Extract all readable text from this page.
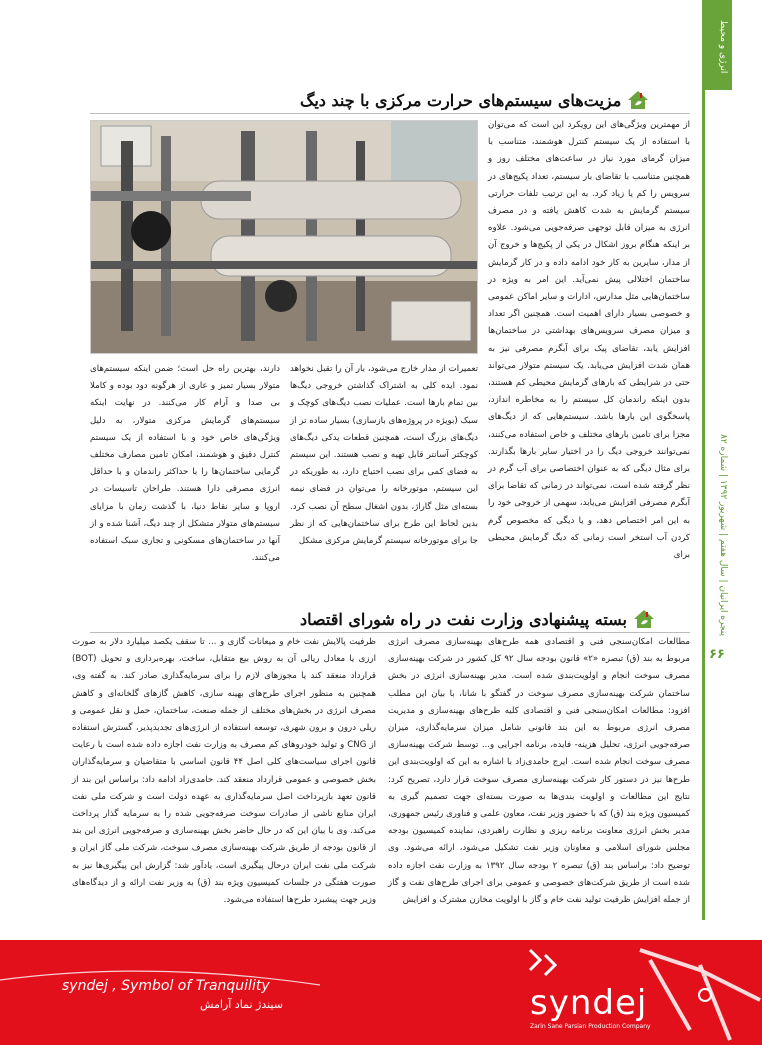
انرژی و محیط
پنجره ایرانیان | سال هفتم | شهریور ۱۳۹۲ | شماره ۸۲
۶۶
مزیت‌های سیستم‌های حرارت مرکزی با چند دیگ
از مهمترین ویژگی‌های این رویکرد این است که می‌توان با استفاده از یک سیستم کنترل هوشمند، متناسب با میزان گرمای مورد نیاز در ساعت‌های مختلف روز و همچنین متناسب با تقاضای بار سیستم، تعداد پکیج‌های در سرویس را کم یا زیاد کرد. به این ترتیب تلفات حرارتی سیستم گرمایش به شدت کاهش یافته و در مصرف انرژی به میزان قابل توجهی صرفه‌جویی می‌شود. علاوه بر اینکه هنگام بروز اشکال در یکی از پکیج‌ها و خروج آن از مدار، سایرین به کار خود ادامه داده و در کار گرمایش ساختمان اختلالی پیش نمی‌آید. این امر به ویژه در ساختمان‌هایی مثل مدارس، ادارات و سایر اماکن عمومی و خصوصی بسیار دارای اهمیت است. همچنین اگر تعداد و میزان مصرف سرویس‌های بهداشتی در ساختمان‌ها افزایش یابد، تقاضای پیک برای آبگرم مصرفی نیز به همان شدت افزایش می‌یابد. یک سیستم متولار می‌تواند حتی در شرایطی که بارهای گرمایش محیطی کم هستند، بدون اینکه راندمان کل سیستم را به مخاطره اندازد، پاسخگوی این بارها باشد. سیستم‌هایی که از دیگ‌های مجزا برای تامین بارهای مختلف و خاص استفاده می‌کنند، نمی‌توانند خروجی دیگ را در اختیار سایر بارها بگذارند. برای مثال دیگی که به عنوان اختصاصی برای آب گرم در نظر گرفته شده است، نمی‌تواند در زمانی که تقاضا برای آبگرم مصرفی افزایش می‌یابد، سهمی از خروجی خود را به این امر اختصاص دهد، و یا دیگی که مخصوص گرم کردن آب استخر است زمانی که دیگ گرمایش محیطی برای
تعمیرات از مدار خارج می‌شود، بار آن را تقبل نخواهد نمود. ایده کلی به اشتراک گذاشتن خروجی دیگ‌ها بین تمام بارها است. عملیات نصب دیگ‌های کوچک و سبک (بویژه در پروژه‌های بازسازی) بسیار ساده تر از دیگ‌های بزرگ است، همچنین قطعات یدکی دیگ‌های کوچکتر آسانتر قابل تهیه و نصب هستند. این سیستم به فضای کمی برای نصب احتیاج دارد، به طوریکه در این سیستم، موتورخانه را می‌توان در فضای نیمه بسته‌ای مثل گاراژ، بدون اشغال سطح آن نصب کرد. بدین لحاظ این طرح برای ساختمان‌هایی که از نظر جا برای موتورخانه سیستم گرمایش مرکزی مشکل
دارند، بهترین راه حل است؛ ضمن اینکه سیستم‌های متولار بسیار تمیز و عاری از هرگونه دود بوده و کاملا بی صدا و آرام کار می‌کنند. در نهایت اینکه سیستم‌های گرمایش مرکزی متولار، به دلیل ویژگی‌های خاص خود و با استفاده از یک سیستم کنترل دقیق و هوشمند، امکان تامین مصارف مختلف گرمایی ساختمان‌ها را با حداکثر راندمان و با حداقل انرژی مصرفی دارا هستند. طراحان تاسیسات در اروپا و سایر نقاط دنیا، با گذشت زمان با مزایای سیستم‌های متولار متشکل از چند دیگ، آشنا شده و از آنها در ساختمان‌های مسکونی و تجاری سبک استفاده می‌کنند.
بسته پیشنهادی وزارت نفت در راه شورای اقتصاد
مطالعات امکان‌سنجی فنی و اقتصادی همه طرح‌های بهینه‌سازی مصرف انرژی مربوط به بند (ق) تبصره «۲» قانون بودجه سال ۹۲ کل کشور در شرکت بهینه‌سازی مصرف سوخت انجام و اولویت‌بندی شده است. مدیر بهینه‌سازی انرژی در بخش ساختمان شرکت بهینه‌سازی مصرف سوخت در گفتگو با شانا، با بیان این مطلب افزود: مطالعات امکان‌سنجی فنی و اقتصادی کلیه طرح‌های بهینه‌سازی و مدیریت مصرف انرژی مربوط به این بند قانونی شامل میزان سرمایه‌گذاری، میزان صرفه‌جویی انرژی، تحلیل هزینه- فایده، برنامه اجرایی و... توسط شرکت بهینه‌سازی مصرف سوخت انجام شده است. ایرج حامدی‌زاد با اشاره به این که اولویت‌بندی این طرح‌ها نیز در دستور کار شرکت بهینه‌سازی مصرف سوخت قرار دارد، تصریح کرد: نتایج این مطالعات و اولویت بندی‌ها به صورت بسته‌ای جهت تصمیم گیری به کمیسیون ویژه بند (ق) که با حضور وزیر نفت، معاون علمی و فناوری رئیس جمهوری، مدیر بخش انرژی معاونت برنامه ریزی و نظارت راهبردی، نماینده کمیسیون بودجه مجلس شورای اسلامی و معاونان وزیر نفت تشکیل می‌شود، ارائه می‌شود. وی توضیح داد: براساس بند (ق) تبصره ۲ بودجه سال ۱۳۹۲ به وزارت نفت اجازه داده شده است از طریق شرکت‌های خصوصی و عمومی برای اجرای طرح‌های نفت و گاز از جمله افزایش ظرفیت تولید نفت خام و گاز با اولویت مخازن مشترک و افزایش
ظرفیت پالایش نفت خام و میعانات گازی و ... تا سقف یکصد میلیارد دلار به صورت ارزی یا معادل ریالی آن به روش بیع متقابل، ساخت، بهره‌برداری و تحویل (BOT) قرارداد منعقد کند یا مجوزهای لازم را برای سرمایه‌گذاری صادر کند. به گفته وی، همچنین به منظور اجرای طرح‌های بهینه سازی، کاهش گازهای گلخانه‌ای و کاهش مصرف انرژی در بخش‌های مختلف از جمله صنعت، ساختمان، حمل و نقل عمومی و ریلی درون و برون شهری، توسعه استفاده از انرژی‌های تجدیدپذیر، گسترش استفاده از CNG و تولید خودروهای کم مصرف به وزارت نفت اجازه داده شده است با رعایت قانون اجرای سیاست‌های کلی اصل ۴۴ قانون اساسی با متقاضیان و سرمایه‌گذاران بخش خصوصی و عمومی قرارداد منعقد کند. حامدی‌زاد ادامه داد: براساس این بند از قانون تعهد بازپرداخت اصل سرمایه‌گذاری به عهده دولت است و شرکت ملی نفت ایران منابع ناشی از صادرات سوخت صرفه‌جویی شده را به سرمایه گذار پرداخت می‌کند. وی با بیان این که در حال حاضر بخش بهینه‌سازی و صرفه‌جویی انرژی این بند از قانون بودجه از طریق شرکت بهینه‌سازی مصرف سوخت، شرکت ملی گاز ایران و شرکت ملی نفت ایران درحال پیگیری است، یادآور شد: گزارش این پیگیری‌ها نیز به صورت هفتگی در جلسات کمیسیون ویژه بند (ق) به وزیر نفت ارائه و از دیدگاه‌های وزیر جهت پیشبرد طرح‌ها استفاده می‌شود.
syndej , Symbol of Tranquility
سیندژ نماد آرامش	syndej
Zarin Sane Parsian Production Company
